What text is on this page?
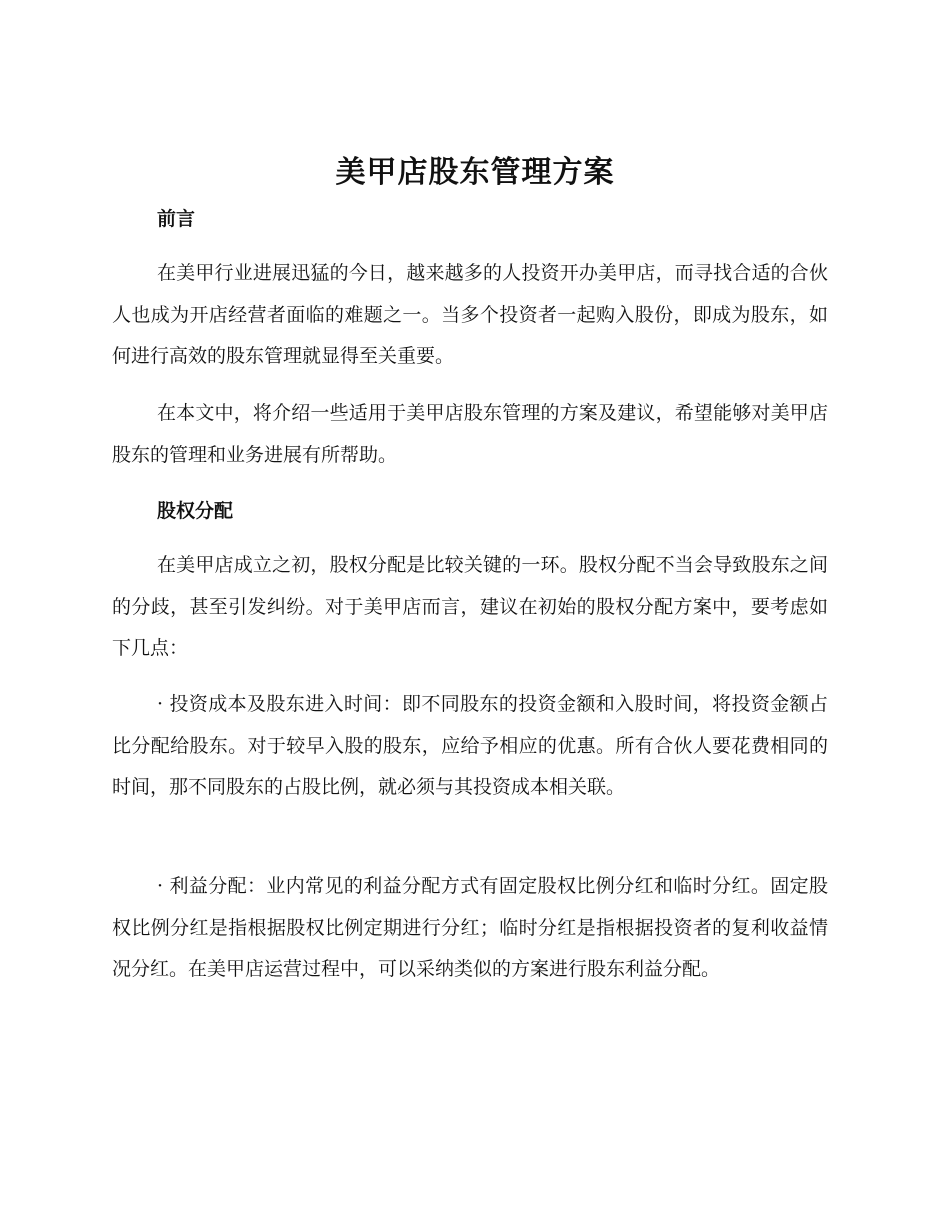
美甲店股东管理方案
前言

在美甲行业进展迅猛的今日，越来越多的人投资开办美甲店，而寻找合适的合伙人也成为开店经营者面临的难题之一。当多个投资者一起购入股份，即成为股东，如何进行高效的股东管理就显得至关重要。

在本文中，将介绍一些适用于美甲店股东管理的方案及建议，希望能够对美甲店股东的管理和业务进展有所帮助。

股权分配

在美甲店成立之初，股权分配是比较关键的一环。股权分配不当会导致股东之间的分歧，甚至引发纠纷。对于美甲店而言，建议在初始的股权分配方案中，要考虑如下几点：

· 投资成本及股东进入时间：即不同股东的投资金额和入股时间，将投资金额占比分配给股东。对于较早入股的股东，应给予相应的优惠。所有合伙人要花费相同的时间，那不同股东的占股比例，就必须与其投资成本相关联。

· 利益分配：业内常见的利益分配方式有固定股权比例分红和临时分红。固定股权比例分红是指根据股权比例定期进行分红；临时分红是指根据投资者的复利收益情况分红。在美甲店运营过程中，可以采纳类似的方案进行股东利益分配。
